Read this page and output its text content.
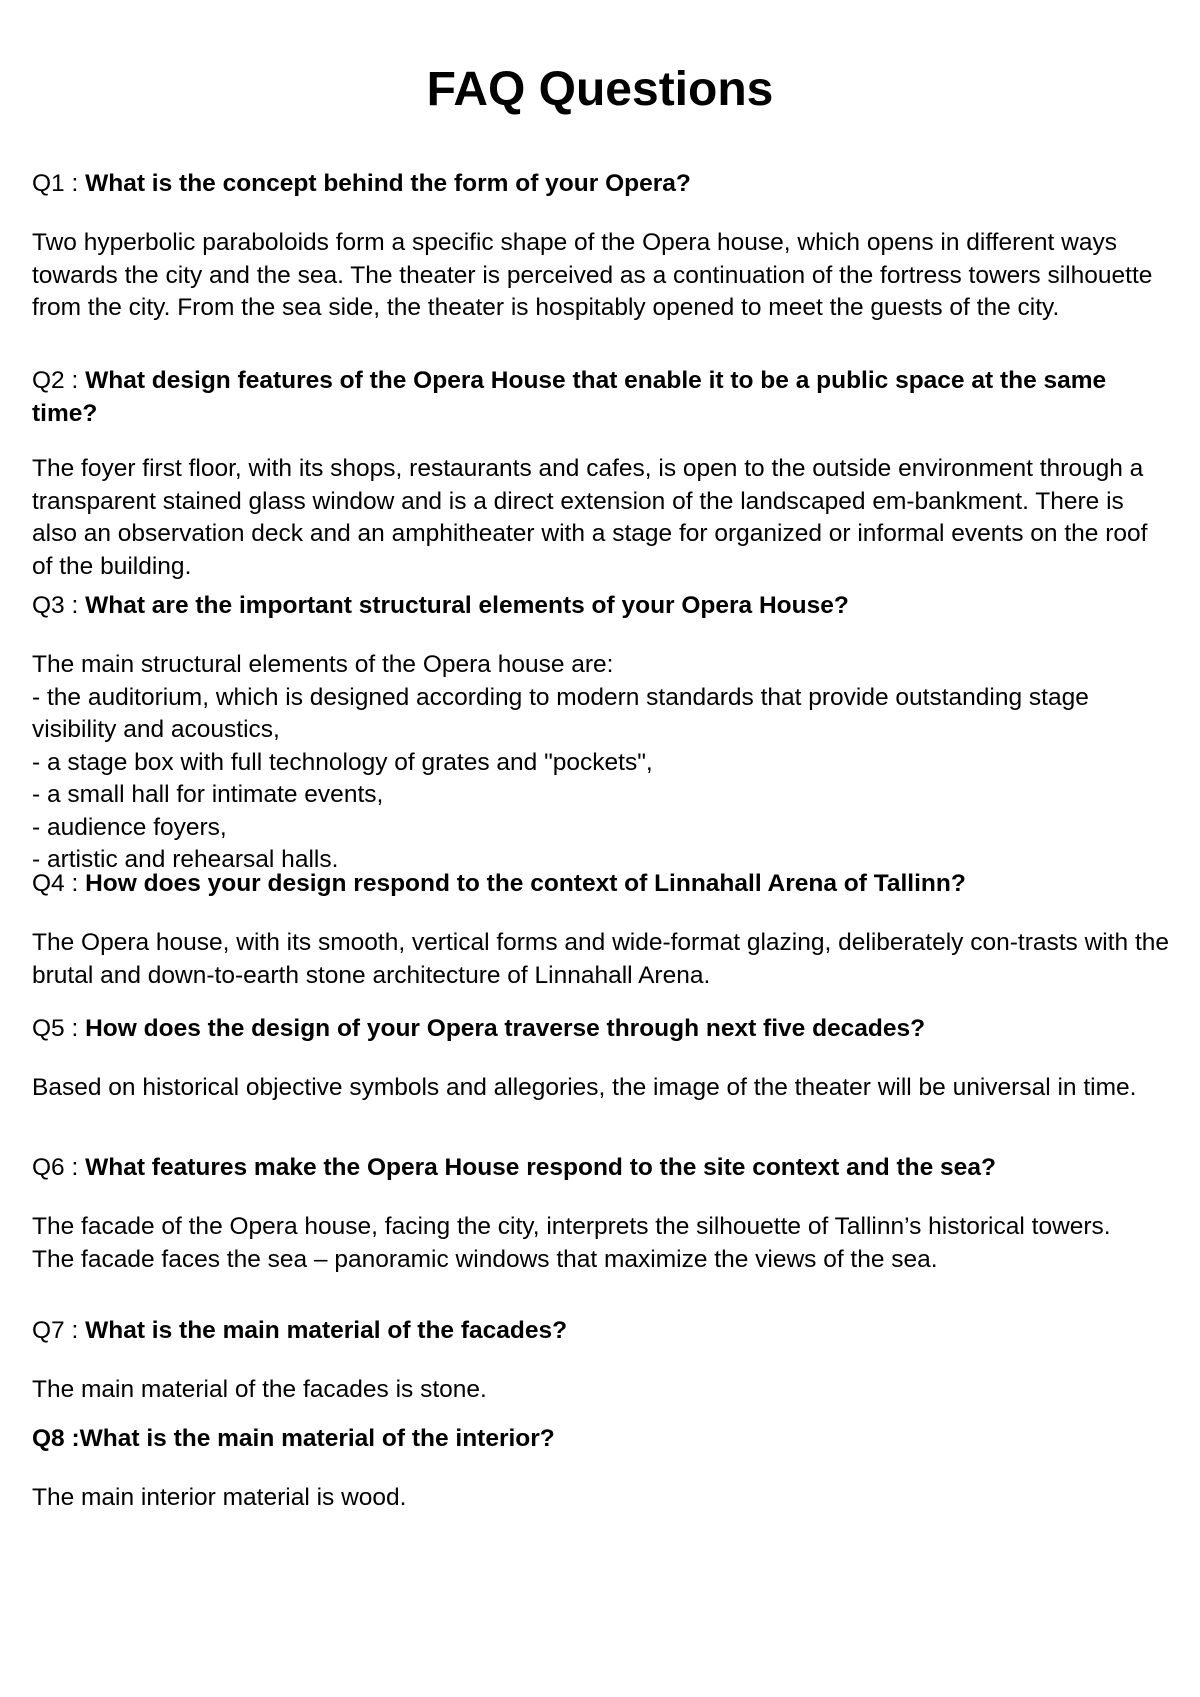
FAQ Questions
Q1 : What is the concept behind the form of your Opera?

Two hyperbolic paraboloids form a specific shape of the Opera house, which opens in different ways towards the city and the sea. The theater is perceived as a continuation of the fortress towers silhouette from the city. From the sea side, the theater is hospitably opened to meet the guests of the city.

Q2 : What design features of the Opera House that enable it to be a public space at the same time?

The foyer first floor, with its shops, restaurants and cafes, is open to the outside environment through a transparent stained glass window and is a direct extension of the landscaped em-bankment. There is also an observation deck and an amphitheater with a stage for organized or informal events on the roof of the building.

Q3 : What are the important structural elements of your Opera House?

The main structural elements of the Opera house are:

- the auditorium, which is designed according to modern standards that provide outstanding stage visibility and acoustics,

- a stage box with full technology of grates and "pockets",

- a small hall for intimate events,

- audience foyers,

- artistic and rehearsal halls.

Q4 : How does your design respond to the context of Linnahall Arena of Tallinn?

The Opera house, with its smooth, vertical forms and wide-format glazing, deliberately con-trasts with the brutal and down-to-earth stone architecture of Linnahall Arena.

Q5 : How does the design of your Opera traverse through next five decades?

Based on historical objective symbols and allegories, the image of the theater will be universal in time.

Q6 : What features make the Opera House respond to the site context and the sea?

The facade of the Opera house, facing the city, interprets the silhouette of Tallinn’s historical towers.

The facade faces the sea – panoramic windows that maximize the views of the sea.

Q7 : What is the main material of the facades?

The main material of the facades is stone.

Q8 :What is the main material of the interior?

The main interior material is wood.
